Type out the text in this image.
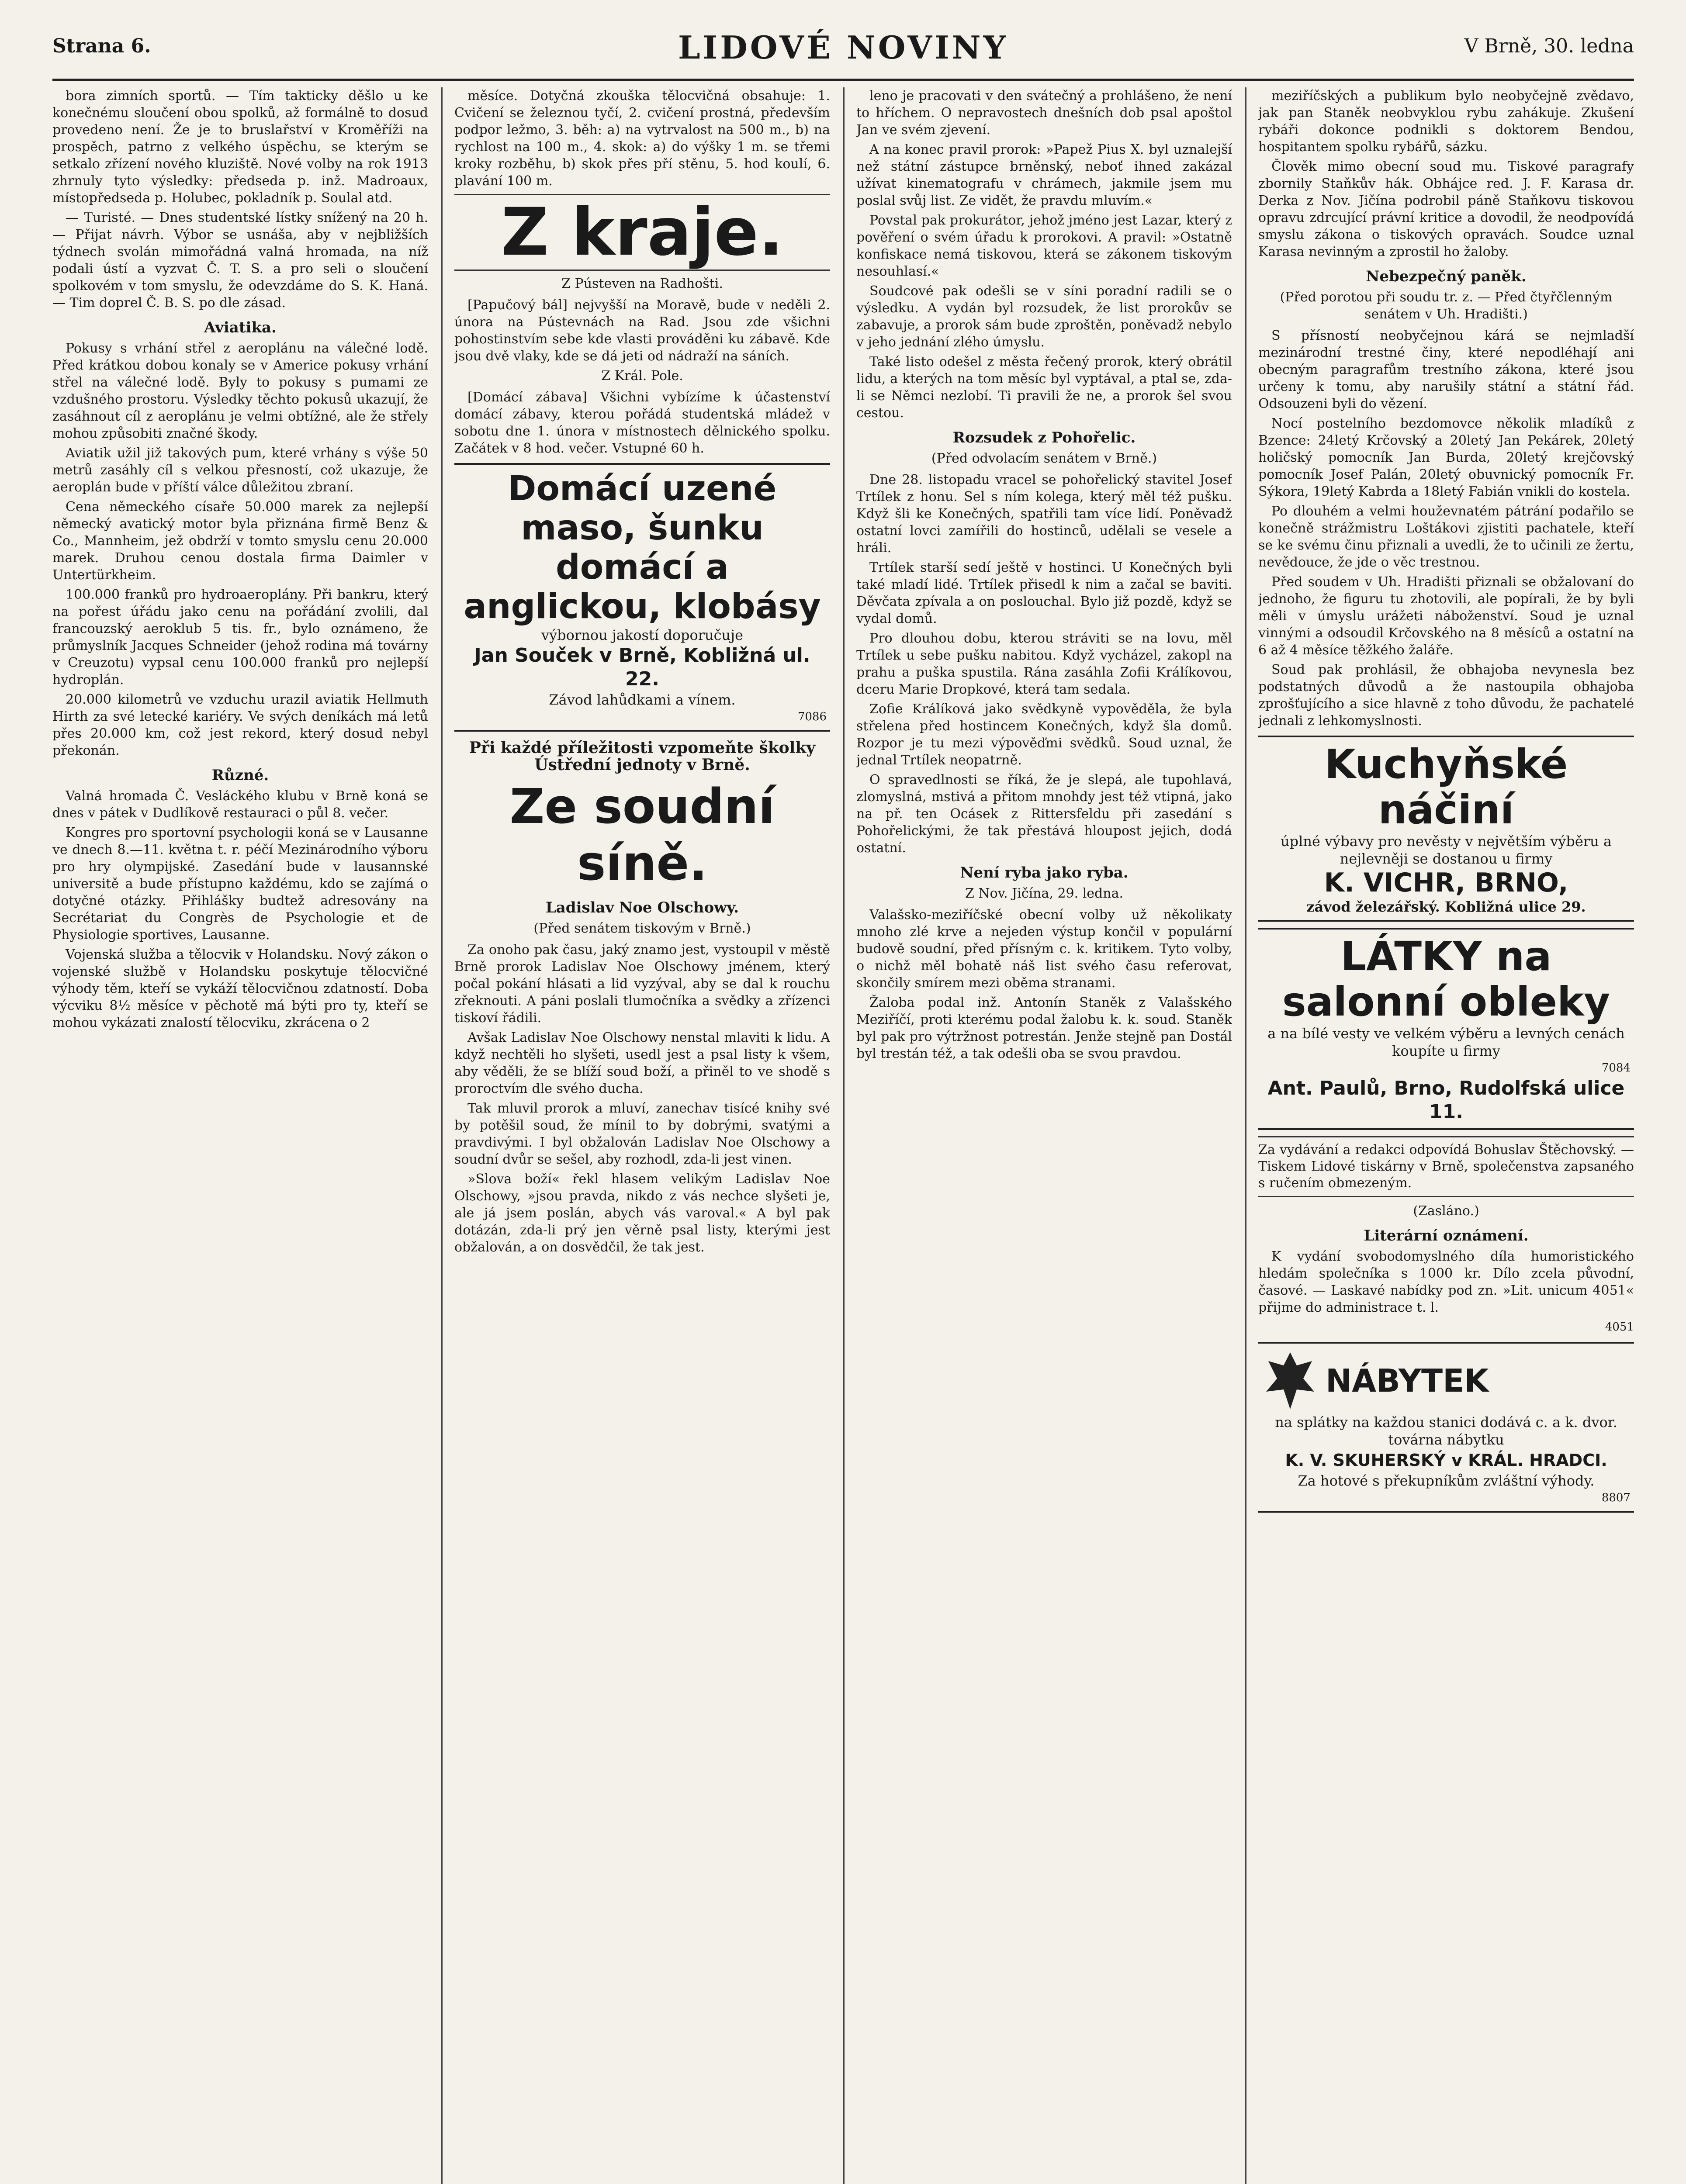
Strana 6.	LIDOVÉ NOVINY	V Brně, 30. ledna

bora zimních sportů. — Tím takticky děšlo u ke konečnému sloučení obou spolků, až formálně to dosud provedeno není. Že je to bruslařství v Kroměříži na prospěch, patrno z velkého úspěchu, se kterým se setkalo zřízení nového kluziště. Nové volby na rok 1913 zhrnuly tyto výsledky: předseda p. inž. Madroaux, místopředseda p. Holubec, pokladník p. Soulal atd.

— Turisté. — Dnes studentské lístky snížený na 20 h. — Přijat návrh. Výbor se usnáša, aby v nejbližších týdnech svolán mimořádná valná hromada, na níž podali ústí a vyzvat Č. T. S. a pro seli o sloučení spolkovém v tom smyslu, že odevzdáme do S. K. Haná. — Tim doprel Č. B. S. po dle zásad.

Aviatika.

Pokusy s vrhání střel z aeroplánu na válečné lodě. Před krátkou dobou konaly se v Americe pokusy vrhání střel na válečné lodě. Byly to pokusy s pumami ze vzdušného prostoru. Výsledky těchto pokusů ukazují, že zasáhnout cíl z aeroplánu je velmi obtížné, ale že střely mohou způsobiti značné škody.

Aviatik užil již takových pum, které vrhány s výše 50 metrů zasáhly cíl s velkou přesností, což ukazuje, že aeroplán bude v příští válce důležitou zbraní.

Cena německého císaře 50.000 marek za nejlepší německý avatický motor byla přiznána firmě Benz & Co., Mannheim, jež obdrží v tomto smyslu cenu 20.000 marek. Druhou cenou dostala firma Daimler v Untertürkheim.

100.000 franků pro hydroaeroplány. Při bankru, který na pořest úřádu jako cenu na pořádání zvolili, dal francouzský aeroklub 5 tis. fr., bylo oznámeno, že průmyslník Jacques Schneider (jehož rodina má továrny v Creuzotu) vypsal cenu 100.000 franků pro nejlepší hydroplán.

20.000 kilometrů ve vzduchu urazil aviatik Hellmuth Hirth za své letecké kariéry. Ve svých deníkách má letů přes 20.000 km, což jest rekord, který dosud nebyl překonán.

Různé.

Valná hromada Č. Vesláckého klubu v Brně koná se dnes v pátek v Dudlíkově restauraci o půl 8. večer.

Kongres pro sportovní psychologii koná se v Lausanne ve dnech 8.—11. května t. r. péčí Mezinárodního výboru pro hry olympijské. Zasedání bude v lausannské universitě a bude přístupno každému, kdo se zajímá o dotyčné otázky. Přihlášky budtež adresovány na Secrétariat du Congrès de Psychologie et de Physiologie sportives, Lausanne.

Vojenská služba a tělocvik v Holandsku. Nový zákon o vojenské službě v Holandsku poskytuje tělocvičné výhody těm, kteří se vykáží tělocvičnou zdatností. Doba výcviku 8½ měsíce v pěchotě má býti pro ty, kteří se mohou vykázati znalostí tělocviku, zkrácena o 2

měsíce. Dotyčná zkouška tělocvičná obsahuje: 1. Cvičení se železnou tyčí, 2. cvičení prostná, především podpor ležmo, 3. běh: a) na vytrvalost na 500 m., b) na rychlost na 100 m., 4. skok: a) do výšky 1 m. se třemi kroky rozběhu, b) skok přes pří stěnu, 5. hod koulí, 6. plavání 100 m.

Z kraje.
Z Pústeven na Radhošti.

[Papučový bál] nejvyšší na Moravě, bude v neděli 2. února na Pústevnách na Rad. Jsou zde všichni pohostinstvím sebe kde vlasti prováděni ku zábavě. Kde jsou dvě vlaky, kde se dá jeti od nádraží na sáních.

Z Král. Pole.

[Domácí zábava] Všichni vybízíme k účastenství domácí zábavy, kterou pořádá studentská mládež v sobotu dne 1. února v místnostech dělnického spolku. Začátek v 8 hod. večer. Vstupné 60 h.

Domácí uzené maso, šunku domácí a anglickou, klobásy
výbornou jakostí doporučuje
Jan Souček v Brně, Kobližná ul. 22.
Závod lahůdkami a vínem.
7086
Při každé příležitosti vzpomeňte školky Ústřední jednoty v Brně.
Ze soudní síně.
Ladislav Noe Olschowy.
(Před senátem tiskovým v Brně.)

Za onoho pak času, jaký znamo jest, vystoupil v městě Brně prorok Ladislav Noe Olschowy jménem, který počal pokání hlásati a lid vyzýval, aby se dal k rouchu zřeknouti. A páni poslali tlumočníka a svědky a zřízenci tiskoví řádili.

Avšak Ladislav Noe Olschowy nenstal mlaviti k lidu. A když nechtěli ho slyšeti, usedl jest a psal listy k všem, aby věděli, že se blíží soud boží, a přiněl to ve shodě s proroctvím dle svého ducha.

Tak mluvil prorok a mluví, zanechav tisícé knihy své by potěšil soud, že mínil to by dobrými, svatými a pravdivými. I byl obžalován Ladislav Noe Olschowy a soudní dvůr se sešel, aby rozhodl, zda-li jest vinen.

»Slova boží« řekl hlasem velikým Ladislav Noe Olschowy, »jsou pravda, nikdo z vás nechce slyšeti je, ale já jsem poslán, abych vás varoval.« A byl pak dotázán, zda-li prý jen věrně psal listy, kterými jest obžalován, a on dosvědčil, že tak jest.

leno je pracovati v den svátečný a prohlášeno, že není to hříchem. O nepravostech dnešních dob psal apoštol Jan ve svém zjevení.

A na konec pravil prorok: »Papež Pius X. byl uznalejší než státní zástupce brněnský, neboť ihned zakázal užívat kinematografu v chrámech, jakmile jsem mu poslal svůj list. Ze vidět, že pravdu mluvím.«

Povstal pak prokurátor, jehož jméno jest Lazar, který z pověření o svém úřadu k prorokovi. A pravil: »Ostatně konfiskace nemá tiskovou, která se zákonem tiskovým nesouhlasí.«

Soudcové pak odešli se v síni poradní radili se o výsledku. A vydán byl rozsudek, že list prorokův se zabavuje, a prorok sám bude zproštěn, poněvadž nebylo v jeho jednání zlého úmyslu.

Také listo odešel z města řečený prorok, který obrátil lidu, a kterých na tom měsíc byl vyptával, a ptal se, zda-li se Němci nezlobí. Ti pravili že ne, a prorok šel svou cestou.

Rozsudek z Pohořelic.
(Před odvolacím senátem v Brně.)

Dne 28. listopadu vracel se pohořelický stavitel Josef Trtílek z honu. Sel s ním kolega, který měl též pušku. Když šli ke Konečných, spatřili tam více lidí. Poněvadž ostatní lovci zamířili do hostinců, udělali se vesele a hráli.

Trtílek starší sedí ještě v hostinci. U Konečných byli také mladí lidé. Trtílek přisedl k nim a začal se baviti. Děvčata zpívala a on poslouchal. Bylo již pozdě, když se vydal domů.

Pro dlouhou dobu, kterou stráviti se na lovu, měl Trtílek u sebe pušku nabitou. Když vycházel, zakopl na prahu a puška spustila. Rána zasáhla Zofii Králíkovou, dceru Marie Dropkové, která tam sedala.

Zofie Králíková jako svědkyně vypověděla, že byla střelena před hostincem Konečných, když šla domů. Rozpor je tu mezi výpověďmi svědků. Soud uznal, že jednal Trtílek neopatrně.

O spravedlnosti se říká, že je slepá, ale tupohlavá, zlomyslná, mstivá a přitom mnohdy jest též vtipná, jako na př. ten Ocásek z Rittersfeldu při zasedání s Pohořelickými, že tak přestává hloupost jejich, dodá ostatní.

Není ryba jako ryba.
Z Nov. Jičína, 29. ledna.

Valašsko-meziříčské obecní volby už několikaty mnoho zlé krve a nejeden výstup končil v populární budově soudní, před přísným c. k. kritikem. Tyto volby, o nichž měl bohatě náš list svého času referovat, skončily smírem mezi oběma stranami.

Žaloba podal inž. Antonín Staněk z Valašského Meziříčí, proti kterému podal žalobu k. k. soud. Staněk byl pak pro výtržnost potrestán. Jenže stejně pan Dostál byl trestán též, a tak odešli oba se svou pravdou.

meziříčských a publikum bylo neobyčejně zvědavo, jak pan Staněk neobvyklou rybu zahákuje. Zkušení rybáři dokonce podnikli s doktorem Bendou, hospitantem spolku rybářů, sázku.

Člověk mimo obecní soud mu. Tiskové paragrafy zbornily Staňkův hák. Obhájce red. J. F. Karasa dr. Derka z Nov. Jičína podrobil páně Staňkovu tiskovou opravu zdrcující právní kritice a dovodil, že neodpovídá smyslu zákona o tiskových opravách. Soudce uznal Karasa nevinným a zprostil ho žaloby.

Nebezpečný paněk.
(Před porotou při soudu tr. z. — Před čtyřčlenným senátem v Uh. Hradišti.)

S přísností neobyčejnou kárá se nejmladší mezinárodní trestné činy, které nepodléhají ani obecným paragrafům trestního zákona, které jsou určeny k tomu, aby narušily státní a státní řád. Odsouzeni byli do vězení.

Nocí postelního bezdomovce několik mladíků z Bzence: 24letý Krčovský a 20letý Jan Pekárek, 20letý holičský pomocník Jan Burda, 20letý krejčovský pomocník Josef Palán, 20letý obuvnický pomocník Fr. Sýkora, 19letý Kabrda a 18letý Fabián vnikli do kostela.

Po dlouhém a velmi houževnatém pátrání podařilo se konečně strážmistru Loštákovi zjistiti pachatele, kteří se ke svému činu přiznali a uvedli, že to učinili ze žertu, nevědouce, že jde o věc trestnou.

Před soudem v Uh. Hradišti přiznali se obžalovaní do jednoho, že figuru tu zhotovili, ale popírali, že by byli měli v úmyslu urážeti náboženství. Soud je uznal vinnými a odsoudil Krčovského na 8 měsíců a ostatní na 6 až 4 měsíce těžkého žaláře.

Soud pak prohlásil, že obhajoba nevynesla bez podstatných důvodů a že nastoupila obhajoba zprošťujícího a sice hlavně z toho důvodu, že pachatelé jednali z lehkomyslnosti.

Kuchyňské náčiní
úplné výbavy pro nevěsty v největším výběru a nejlevněji se dostanou u firmy
K. VICHR, BRNO,
závod železářský. Kobližná ulice 29.
LÁTKY na salonní obleky
a na bílé vesty ve velkém výběru a levných cenách koupíte u firmy
7084
Ant. Paulů, Brno, Rudolfská ulice 11.
Za vydávání a redakci odpovídá Bohuslav Štěchovský. — Tiskem Lidové tiskárny v Brně, společenstva zapsaného s ručením obmezeným.
(Zasláno.)
Literární oznámení.

K vydání svobodomyslného díla humoristického hledám společníka s 1000 kr. Dílo zcela původní, časové. — Laskavé nabídky pod zn. »Lit. unicum 4051« přijme do administrace t. l.

4051
NÁBYTEK
na splátky na každou stanici dodává c. a k. dvor. továrna nábytku
K. V. SKUHERSKÝ v KRÁL. HRADCI.
Za hotové s překupníkům zvláštní výhody.
8807
